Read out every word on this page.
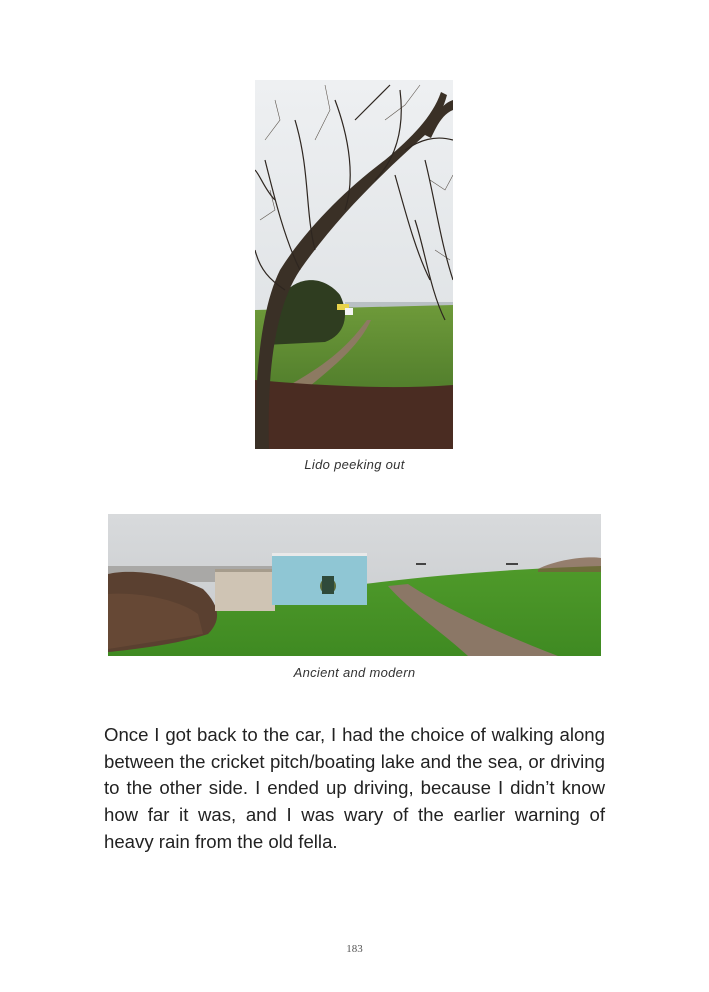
Lido peeking out
Ancient and modern

Once I got back to the car, I had the choice of walking along between the cricket pitch/boating lake and the sea, or driving to the other side. I ended up driving, because I didn’t know how far it was, and I was wary of the earlier warning of heavy rain from the old fella.

183
